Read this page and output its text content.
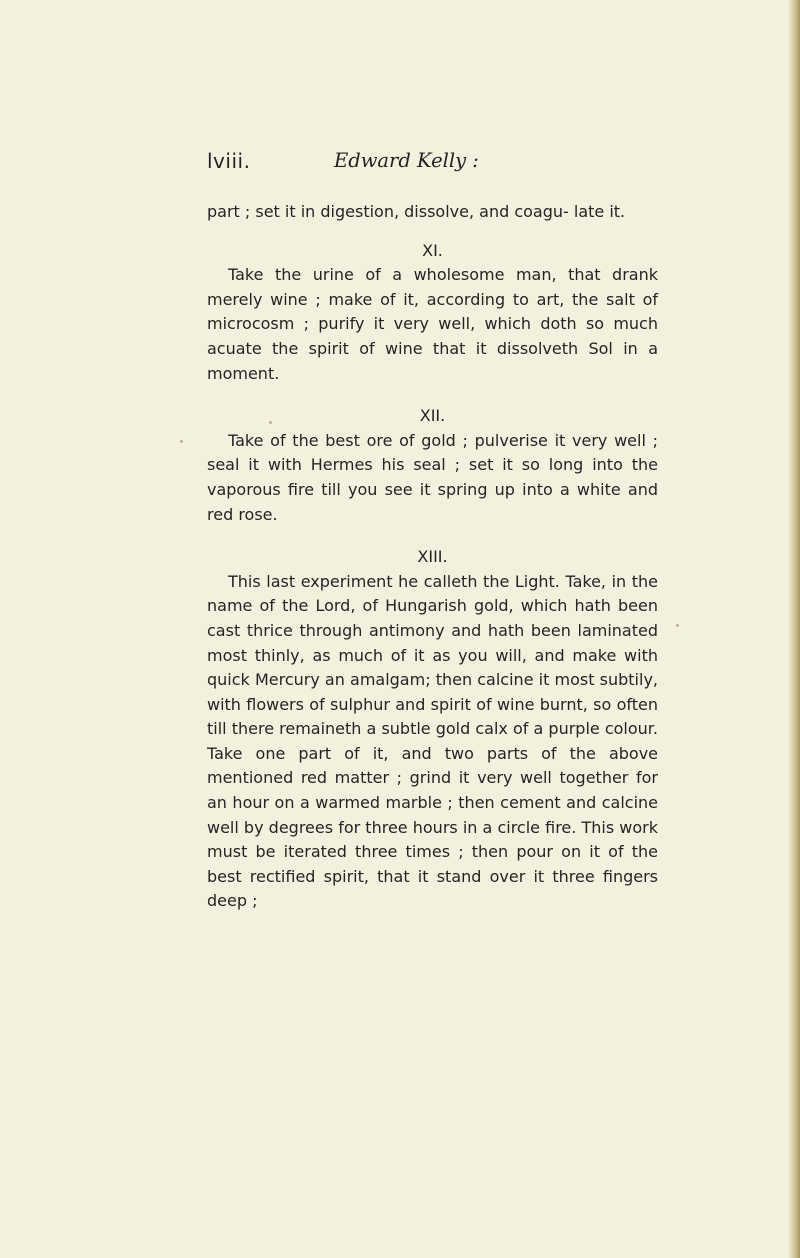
lviii.	Edward Kelly :

part ; set it in digestion, dissolve, and coagu- late it.

XI.

Take the urine of a wholesome man, that drank merely wine ; make of it, according to art, the salt of microcosm ; purify it very well, which doth so much acuate the spirit of wine that it dissolveth Sol in a moment.

XII.

Take of the best ore of gold ; pulverise it very well ; seal it with Hermes his seal ; set it so long into the vaporous fire till you see it spring up into a white and red rose.

XIII.

This last experiment he calleth the Light. Take, in the name of the Lord, of Hungarish gold, which hath been cast thrice through antimony and hath been laminated most thinly, as much of it as you will, and make with quick Mercury an amalgam; then calcine it most subtily, with flowers of sulphur and spirit of wine burnt, so often till there remaineth a subtle gold calx of a purple colour. Take one part of it, and two parts of the above mentioned red matter ; grind it very well together for an hour on a warmed marble ; then cement and calcine well by degrees for three hours in a circle fire. This work must be iterated three times ; then pour on it of the best rectified spirit, that it stand over it three fingers deep ;
